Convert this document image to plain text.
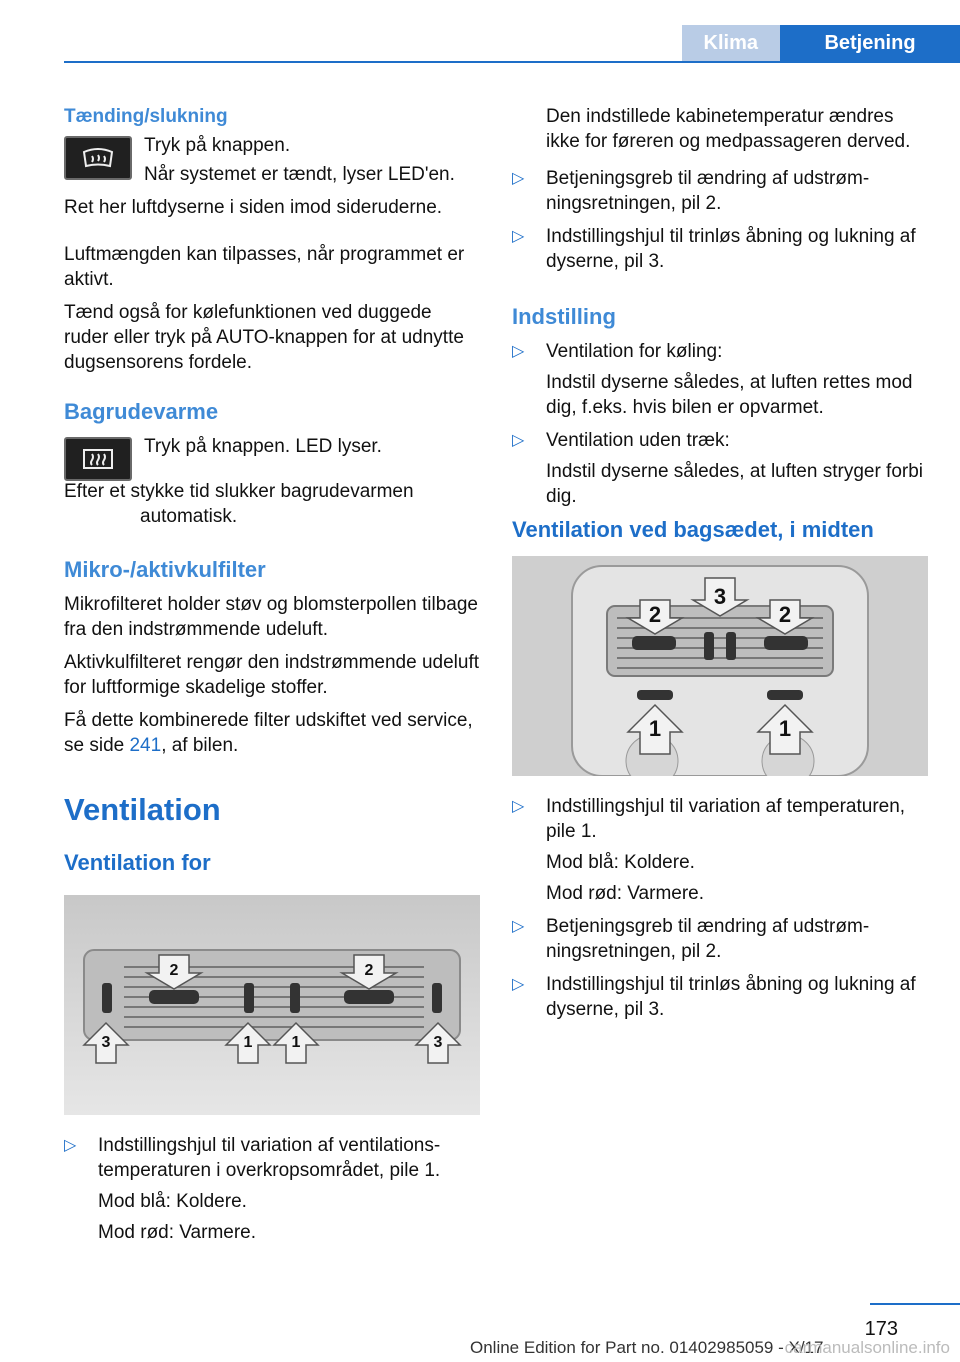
Klima	Betjening
Tænding/slukning

Tryk på knappen.

Når systemet er tændt, lyser LED'en.

Ret her luftdyserne i siden imod sideruderne.

Luftmængden kan tilpasses, når programmet er aktivt.

Tænd også for kølefunktionen ved duggede ruder eller tryk på AUTO-knappen for at udnytte dugsensorens fordele.

Bagrudevarme

Tryk på knappen. LED lyser.

Efter et stykke tid slukker bagrudevarmen automatisk.

Mikro-/aktivkulfilter

Mikrofilteret holder støv og blomsterpollen tilbage fra den indstrømmende udeluft.

Aktivkulfilteret rengør den indstrømmende udeluft for luftformige skadelige stoffer.

Få dette kombinerede filter udskiftet ved service, se side 241, af bilen.

Ventilation
Ventilation for
2	2
3	3
1 1
▷ Indstillingshjul til variation af ventilationstemperaturen i overkropsområdet, pile 1.

Mod blå: Koldere.

Mod rød: Varmere.

Den indstillede kabinetemperatur ændres ikke for føreren og medpassageren derved.

▷ Betjeningsgreb til ændring af udstrømningsretningen, pil 2.

▷ Indstillingshjul til trinløs åbning og lukning af dyserne, pil 3.

Indstilling
▷ Ventilation for køling:

Indstil dyserne således, at luften rettes mod dig, f.eks. hvis bilen er opvarmet.

▷ Ventilation uden træk:

Indstil dyserne således, at luften stryger forbi dig.

Ventilation ved bagsædet, i midten
2
3
2
1	1
▷ Indstillingshjul til variation af temperaturen, pile 1.

Mod blå: Koldere.

Mod rød: Varmere.

▷ Betjeningsgreb til ændring af udstrømningsretningen, pil 2.

▷ Indstillingshjul til trinløs åbning og lukning af dyserne, pil 3.

173
Online Edition for Part no. 01402985059 - X/17
carmanualsonline.info
